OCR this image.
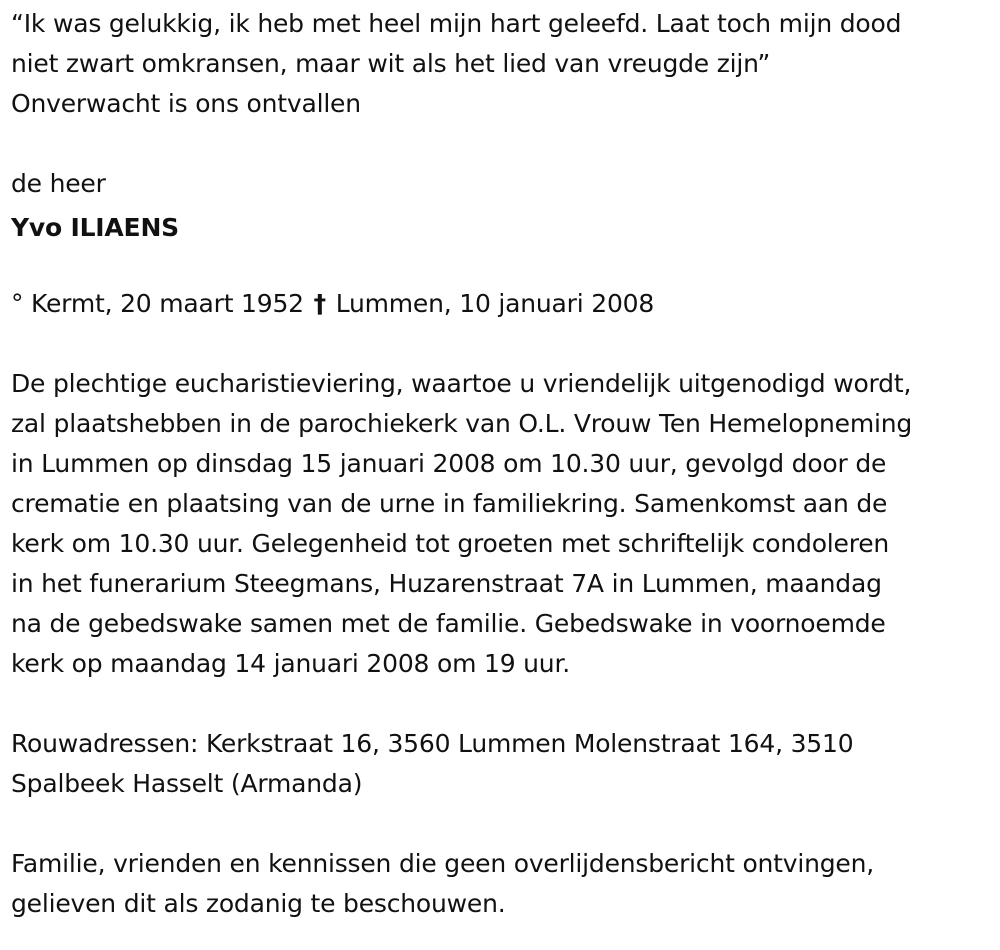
“Ik was gelukkig, ik heb met heel mijn hart geleefd. Laat toch mijn dood
niet zwart omkransen, maar wit als het lied van vreugde zijn”
Onverwacht is ons ontvallen
de heer
Yvo ILIAENS
° Kermt, 20 maart 1952 † Lummen, 10 januari 2008
De plechtige eucharistieviering, waartoe u vriendelijk uitgenodigd wordt,
zal plaatshebben in de parochiekerk van O.L. Vrouw Ten Hemelopneming
in Lummen op dinsdag 15 januari 2008 om 10.30 uur, gevolgd door de
crematie en plaatsing van de urne in familiekring. Samenkomst aan de
kerk om 10.30 uur. Gelegenheid tot groeten met schriftelijk condoleren
in het funerarium Steegmans, Huzarenstraat 7A in Lummen, maandag
na de gebedswake samen met de familie. Gebedswake in voornoemde
kerk op maandag 14 januari 2008 om 19 uur.
Rouwadressen: Kerkstraat 16, 3560 Lummen Molenstraat 164, 3510
Spalbeek Hasselt (Armanda)
Familie, vrienden en kennissen die geen overlijdensbericht ontvingen,
gelieven dit als zodanig te beschouwen.
